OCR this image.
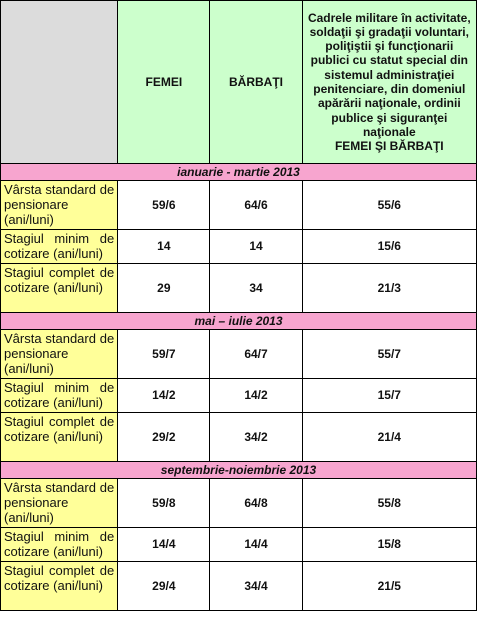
	FEMEI	BĂRBAŢI	Cadrele militare în activitate, soldaţii şi gradaţii voluntari, poliţiştii şi funcţionarii publici cu statut special din sistemul administraţiei penitenciare, din domeniul apărării naţionale, ordinii publice şi siguranţei naţionale
FEMEI ŞI BĂRBAŢI

ianuarie - martie 2013			
Vârsta standard de pensionare (ani/luni)	59/6	64/6	55/6
Stagiul minim de cotizare (ani/luni)	14	14	15/6
Stagiul complet de cotizare (ani/luni)	29	34	21/3
mai – iulie 2013			
Vârsta standard de pensionare (ani/luni)	59/7	64/7	55/7
Stagiul minim de cotizare (ani/luni)	14/2	14/2	15/7
Stagiul complet de cotizare (ani/luni)	29/2	34/2	21/4
septembrie-noiembrie 2013			
Vârsta standard de pensionare (ani/luni)	59/8	64/8	55/8
Stagiul minim de cotizare (ani/luni)	14/4	14/4	15/8
Stagiul complet de cotizare (ani/luni)	29/4	34/4	21/5
